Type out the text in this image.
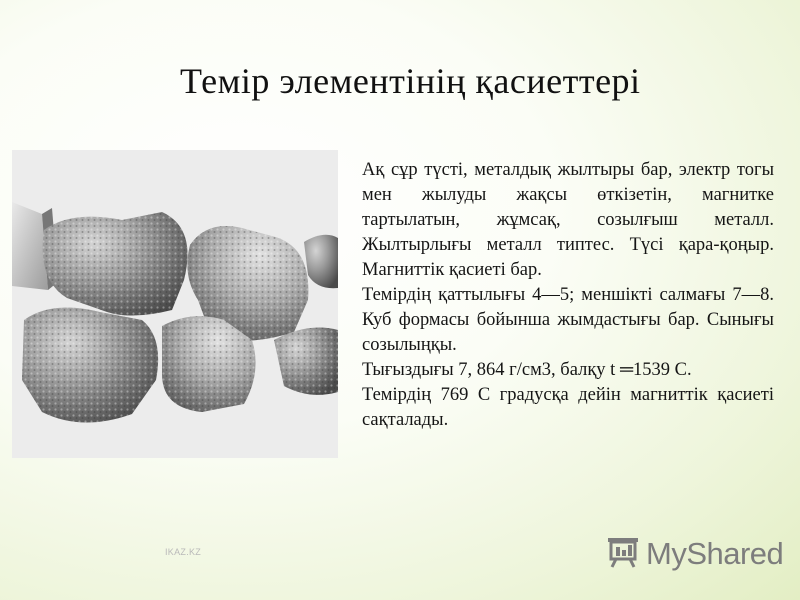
Темір элементінің қасиеттері

Ақ сұр түсті, металдық жылтыры бар, электр тогы мен жылуды жақсы өткізетін, магнитке тартылатын, жұмсақ, созылғыш металл. Жылтырлығы металл типтес. Түсі қара-қоңыр. Магниттік қасиеті бар.

Темірдің қаттылығы 4—5; меншікті салмағы 7—8. Куб формасы бойынша жымдастығы бар. Сынығы созылыңқы.

Тығыздығы 7, 864 г/см3, балқу t ═1539 С.

Темірдің 769 С градусқа дейін магниттік қасиеті сақталады.

IKAZ.KZ	MyShared
